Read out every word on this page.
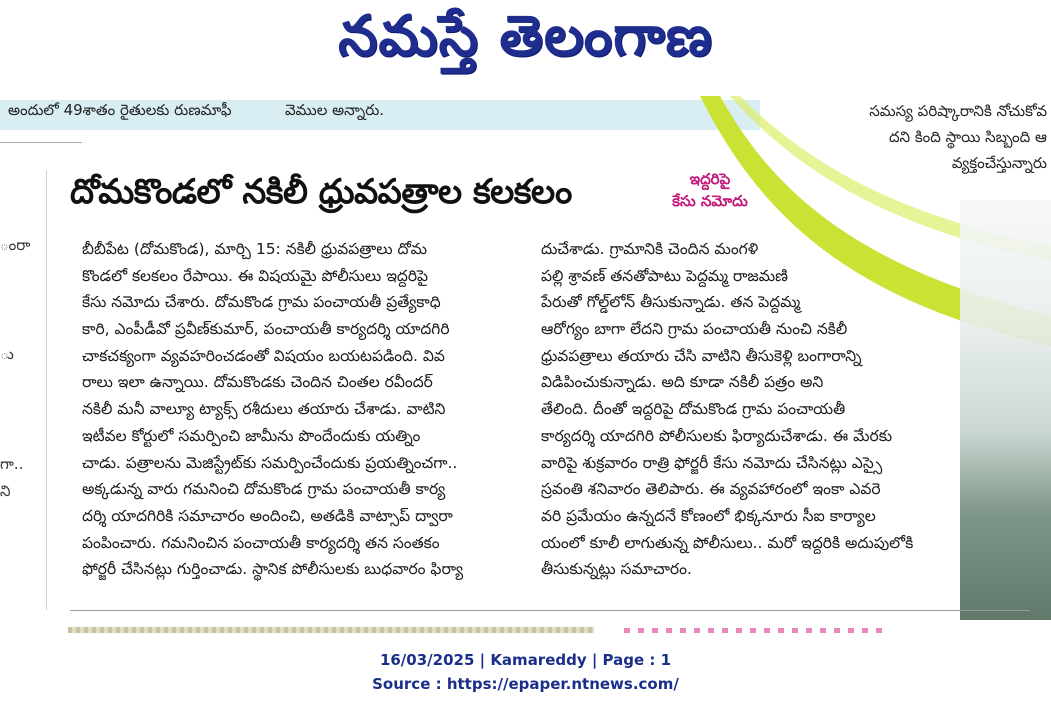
నమస్తే తెలంగాణ
అందులో 49శాతం రైతులకు రుణమాఫీ	వెముల అన్నారు.	సమస్య పరిష్కారానికి నోచుకోవ
దని కింది స్థాయి సిబ్బంది ఆ
వ్యక్తంచేస్తున్నారు
ంరా
ు
గా..
ని
దోమకొండలో నకిలీ ధ్రువపత్రాల కలకలం	ఇద్దరిపై
కేసు నమోదు
బీబీపేట (దోమకొండ), మార్చి 15: నకిలీ ధ్రువపత్రాలు దోమ
కొండలో కలకలం రేపాయి. ఈ విషయమై పోలీసులు ఇద్దరిపై
కేసు నమోదు చేశారు. దోమకొండ గ్రామ పంచాయతీ ప్రత్యేకాధి
కారి, ఎంపీడీవో ప్రవీణ్‌కుమార్, పంచాయతీ కార్యదర్శి యాదగిరి
చాకచక్యంగా వ్యవహరించడంతో విషయం బయటపడింది. వివ
రాలు ఇలా ఉన్నాయి. దోమకొండకు చెందిన చింతల రవీందర్
నకిలీ మనీ వాల్యూ ట్యాక్స్ రశీదులు తయారు చేశాడు. వాటిని
ఇటీవల కోర్టులో సమర్పించి జామీను పొందేందుకు యత్నిం
చాడు. పత్రాలను మెజిస్ట్రేట్‌కు సమర్పించేందుకు ప్రయత్నించగా..
అక్కడున్న వారు గమనించి దోమకొండ గ్రామ పంచాయతీ కార్య
దర్శి యాదగిరికి సమాచారం అందించి, అతడికి వాట్సాప్ ద్వారా
పంపించారు. గమనించిన పంచాయతీ కార్యదర్శి తన సంతకం
ఫోర్జరీ చేసినట్లు గుర్తించాడు. స్థానిక పోలీసులకు బుధవారం ఫిర్యా
దుచేశాడు. గ్రామానికి చెందిన మంగళి
పల్లి శ్రావణ్ తనతోపాటు పెద్దమ్మ రాజమణి
పేరుతో గోల్డ్‌లోన్ తీసుకున్నాడు. తన పెద్దమ్మ
ఆరోగ్యం బాగా లేదని గ్రామ పంచాయతీ నుంచి నకిలీ
ధ్రువపత్రాలు తయారు చేసి వాటిని తీసుకెళ్లి బంగారాన్ని
విడిపించుకున్నాడు. అది కూడా నకిలీ పత్రం అని
తేలింది. దీంతో ఇద్దరిపై దోమకొండ గ్రామ పంచాయతీ
కార్యదర్శి యాదగిరి పోలీసులకు ఫిర్యాదుచేశాడు. ఈ మేరకు
వారిపై శుక్రవారం రాత్రి ఫోర్జరీ కేసు నమోదు చేసినట్లు ఎస్సై
స్రవంతి శనివారం తెలిపారు. ఈ వ్యవహారంలో ఇంకా ఎవరె
వరి ప్రమేయం ఉన్నదనే కోణంలో భిక్కనూరు సీఐ కార్యాల
యంలో కూలీ లాగుతున్న పోలీసులు.. మరో ఇద్దరికి అదుపులోకి
తీసుకున్నట్లు సమాచారం.
16/03/2025 | Kamareddy | Page : 1
Source : https://epaper.ntnews.com/
